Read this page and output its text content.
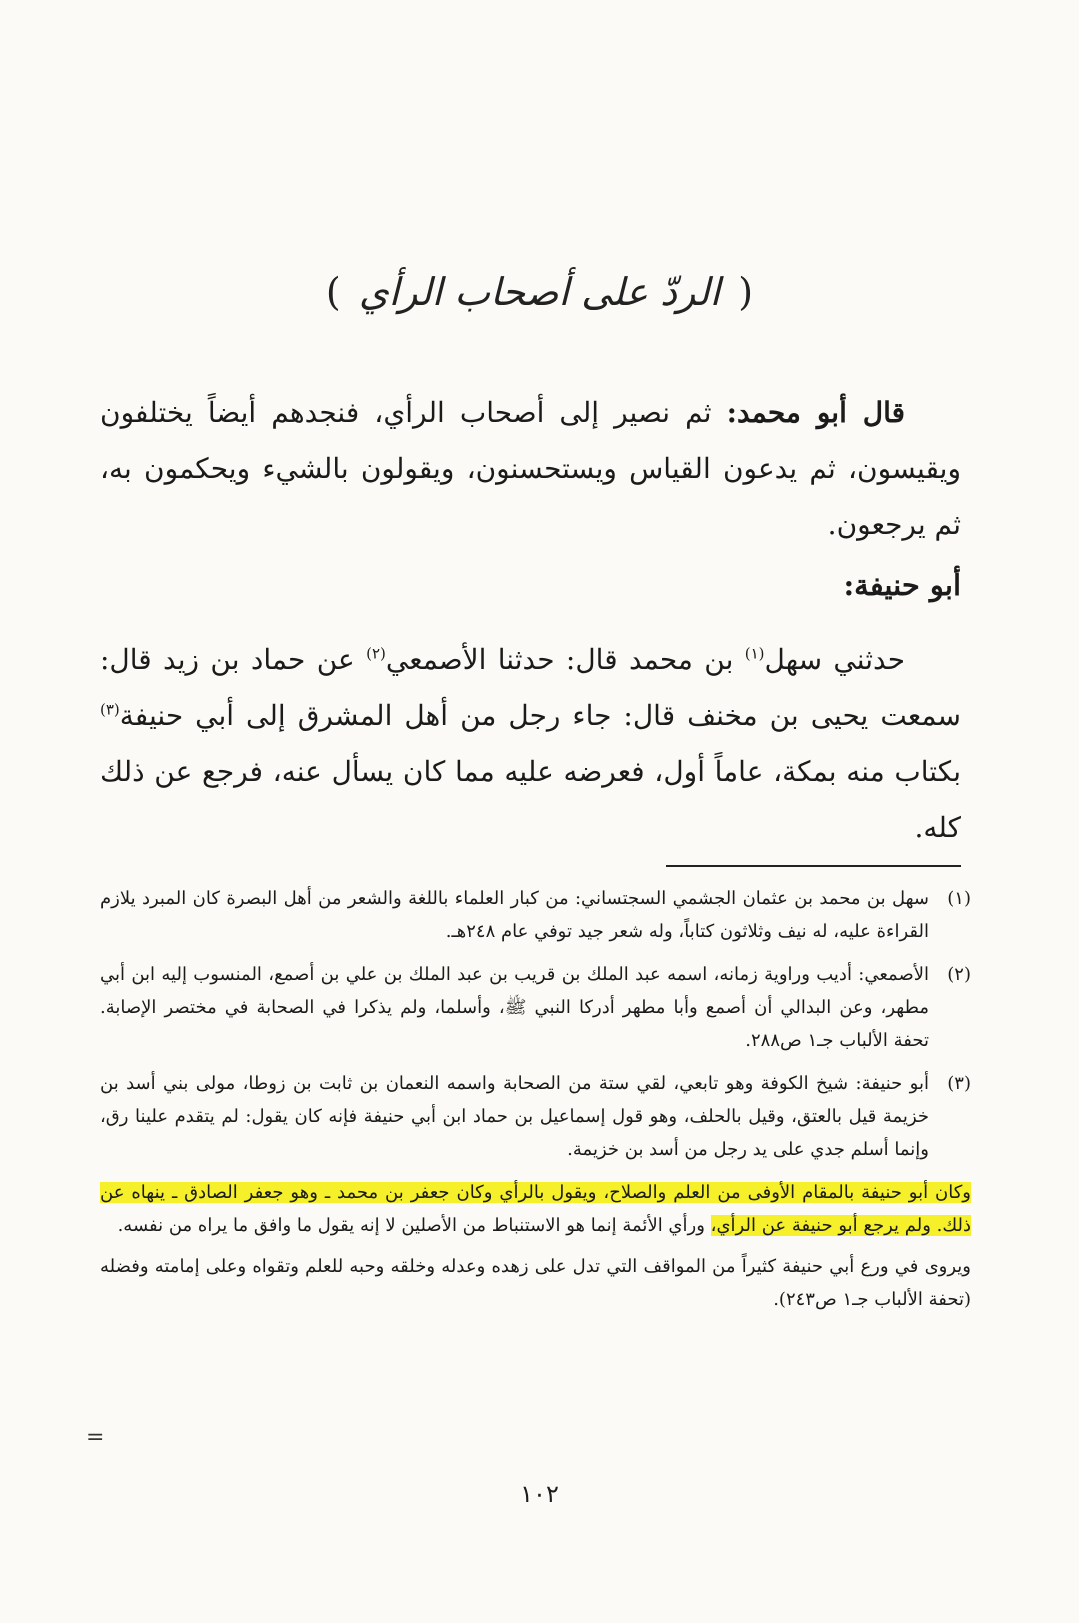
( الردّ على أصحاب الرأي )
قال أبو محمد: ثم نصير إلى أصحاب الرأي، فنجدهم أيضاً يختلفون ويقيسون، ثم يدعون القياس ويستحسنون، ويقولون بالشيء ويحكمون به، ثم يرجعون.
أبو حنيفة:
حدثني سهل$^{(١)}$ بن محمد قال: حدثنا الأصمعي$^{(٢)}$ عن حماد بن زيد قال: سمعت يحيى بن مخنف قال: جاء رجل من أهل المشرق إلى أبي حنيفة$^{(٣)}$ بكتاب منه بمكة، عاماً أول، فعرضه عليه مما كان يسأل عنه، فرجع عن ذلك كله.
(١)

سهل بن محمد بن عثمان الجشمي السجتساني: من كبار العلماء باللغة والشعر من أهل البصرة كان المبرد يلازم القراءة عليه، له نيف وثلاثون كتاباً، وله شعر جيد توفي عام ٢٤٨هـ.

(٢)

الأصمعي: أديب وراوية زمانه، اسمه عبد الملك بن قريب بن عبد الملك بن علي بن أصمع، المنسوب إليه ابن أبي مطهر، وعن البدالي أن أصمع وأبا مطهر أدركا النبي ﷺ، وأسلما، ولم يذكرا في الصحابة في مختصر الإصابة. تحفة الألباب جـ١ ص٢٨٨.

(٣)

أبو حنيفة: شيخ الكوفة وهو تابعي، لقي ستة من الصحابة واسمه النعمان بن ثابت بن زوطا، مولى بني أسد بن خزيمة قيل بالعتق، وقيل بالحلف، وهو قول إسماعيل بن حماد ابن أبي حنيفة فإنه كان يقول: لم يتقدم علينا رق، وإنما أسلم جدي على يد رجل من أسد بن خزيمة.

وكان أبو حنيفة بالمقام الأوفى من العلم والصلاح، ويقول بالرأي وكان جعفر بن محمد ـ وهو جعفر الصادق ـ ينهاه عن ذلك. ولم يرجع أبو حنيفة عن الرأي، ورأي الأئمة إنما هو الاستنباط من الأصلين لا إنه يقول ما وافق ما يراه من نفسه.
ويروى في ورع أبي حنيفة كثيراً من المواقف التي تدل على زهده وعدله وخلقه وحبه للعلم وتقواه وعلى إمامته وفضله (تحفة الألباب جـ١ ص٢٤٣).
=
١٠٢
